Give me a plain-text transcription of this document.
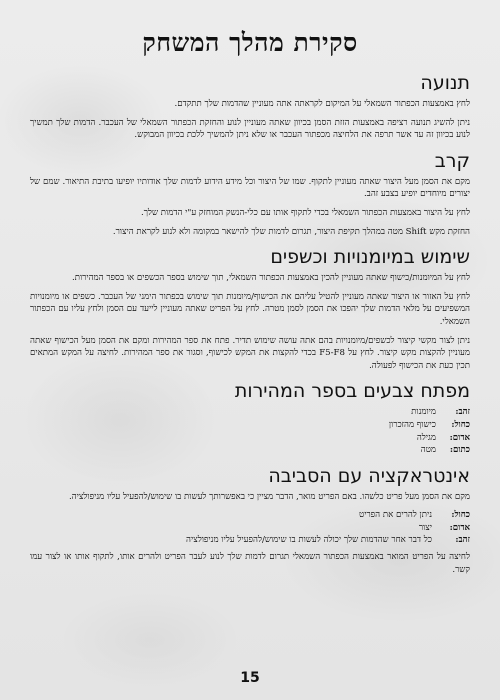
סקירת מהלך המשחק
תנועה

לחץ באמצעות הכפתור השמאלי על המיקום לקראתה אתה מעוניין שהדמות שלך תתקדם.

ניתן להשיג תנועה רציפה באמצעות הזזת הסמן בכיוון שאתה מעוניין לנוע והחזקת הכפתור השמאלי של העכבר. הדמות שלך תמשיך לנוע בכיוון זה עד אשר תרפה את הלחיצה מכפתור העכבר או שלא ניתן להמשיך ללכת בכיוון המבוקש.

קרב

מקם את הסמן מעל היצור שאתה מעוניין לתקוף. שמו של היצור וכל מידע הידוע לדמות שלך אודותיו יופיעו בתיבת התיאור. שמם של יצורים מיוחדים יופיע בצבע זהב.

לחץ על היצור באמצעות הכפתור השמאלי בכדי לתקוף אותו עם כלי-הנשק המוחזק ע"י הדמות שלך.

החזקת מקש Shift מטה במהלך תקיפת היצור, תגרום לדמות שלך להישאר במקומה ולא לנוע לקראת היצור.

שימוש במיומנויות וכשפים

לחץ על המיומנות/כישוף שאתה מעוניין להכין באמצעות הכפתור השמאלי, תוך שימוש בספר הכשפים או בספר המהירות.

לחץ על האזור או היצור שאתה מעוניין להטיל עליהם את הכישוף/מיומנות תוך שימוש בכפתור הימני של העכבר. כשפים או מיומנויות המשפיעים על מלאי הדמות שלך יהפכו את הסמן לסמן מטרה. לחץ על הפריט שאתה מעוניין לייעד עם הסמן ולחץ עליו עם הכפתור השמאלי.

ניתן לצור מקשי קיצור לכשפים/מיומנויות בהם אתה עושה שימוש תדיר. פתח את ספר המהירות ומקם את הסמן מעל הכישוף שאתה מעוניין להקצות מקש קיצור. לחץ על F5-F8 בכדי להקצות את המקש לכישוף, וסגור את ספר המהירות. לחיצה על המקש המתאים תכין כעת את הכישוף לפעולה.

מפתח צבעים בספר המהירות
זהב:
מיומנות
כחול:
כישוף מהזכרון
אדום:
מגילה
כתום:
מטה
אינטראקציה עם הסביבה

מקם את הסמן מעל פריט כלשהו. באם הפריט מואר, הדבר מציין כי באפשרותך לעשות בו שימוש/להפעיל עליו מניפולציה.

כחול:
ניתן להרים את הפריט
אדום:
יצור
זהב:
כל דבר אחר שהדמות שלך יכולה לעשות בו שימוש/להפעיל עליו מניפולציה

לחיצה על הפריט המואר באמצעות הכפתור השמאלי תגרום לדמות שלך לנוע לעבר הפריט ולהרים אותו, לתקוף אותו או לצור עמו קשר.

15
